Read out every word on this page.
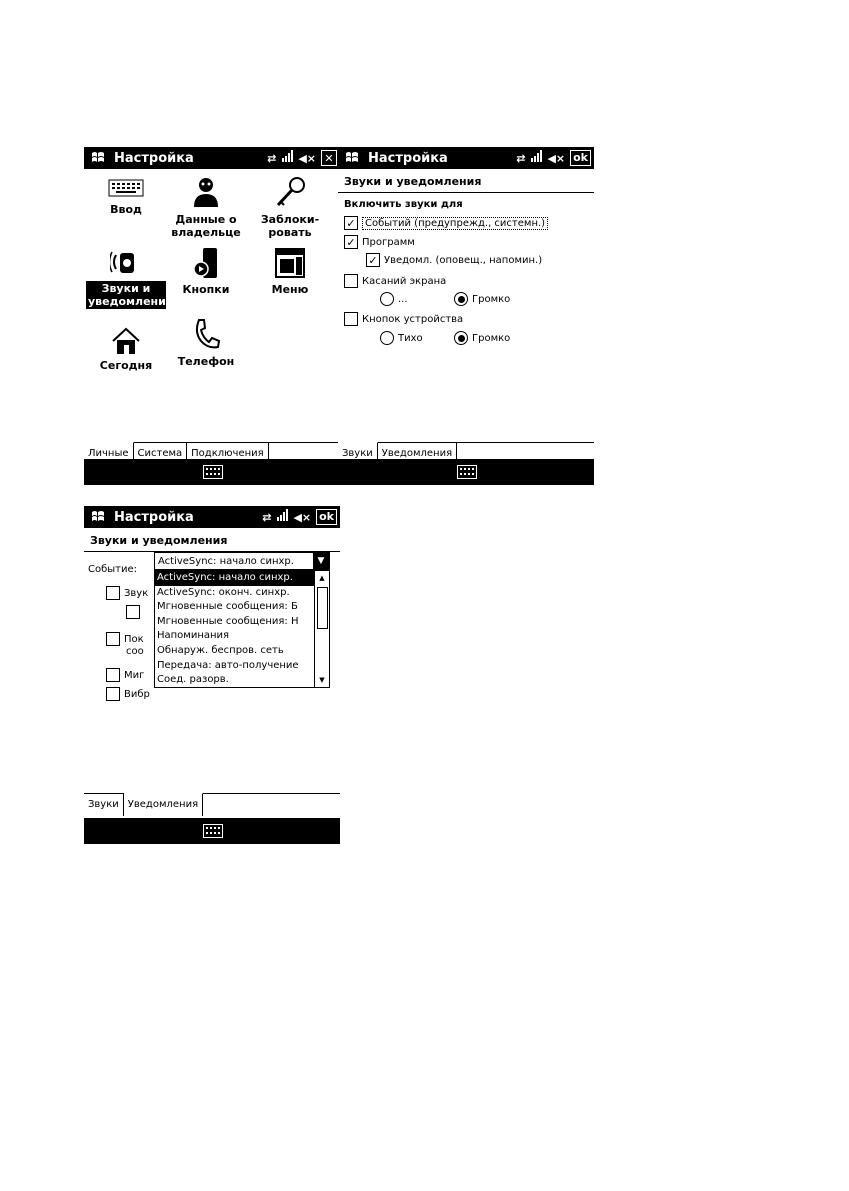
Настройка	⇄ ◀× ✕
Ввод
Данные о владельце
Заблоки-ровать
Звуки и уведомления
Кнопки	Меню
Сегодня	Телефон
Личные Система Подключения
Настройка	⇄ ◀× ok
Звуки и уведомления
Включить звуки для
✓ Событий (предупрежд., системн.)
✓ Программ
✓ Уведомл. (оповещ., напомин.)
Касаний экрана
...	Громко
Кнопок устройства
Тихо	Громко
Звуки Уведомления
Настройка	⇄ ◀× ok
Звуки и уведомления
Событие:
Звук
Пок
соо
Миг
Вибр
ActiveSync: начало синхр.	▼
ActiveSync: начало синхр.
ActiveSync: оконч. синхр.
Мгновенные сообщения: Б
Мгновенные сообщения: Н
Напоминания
Обнаруж. беспров. сеть
Передача: авто-получение
Соед. разорв.
▲
▼
Звуки Уведомления
